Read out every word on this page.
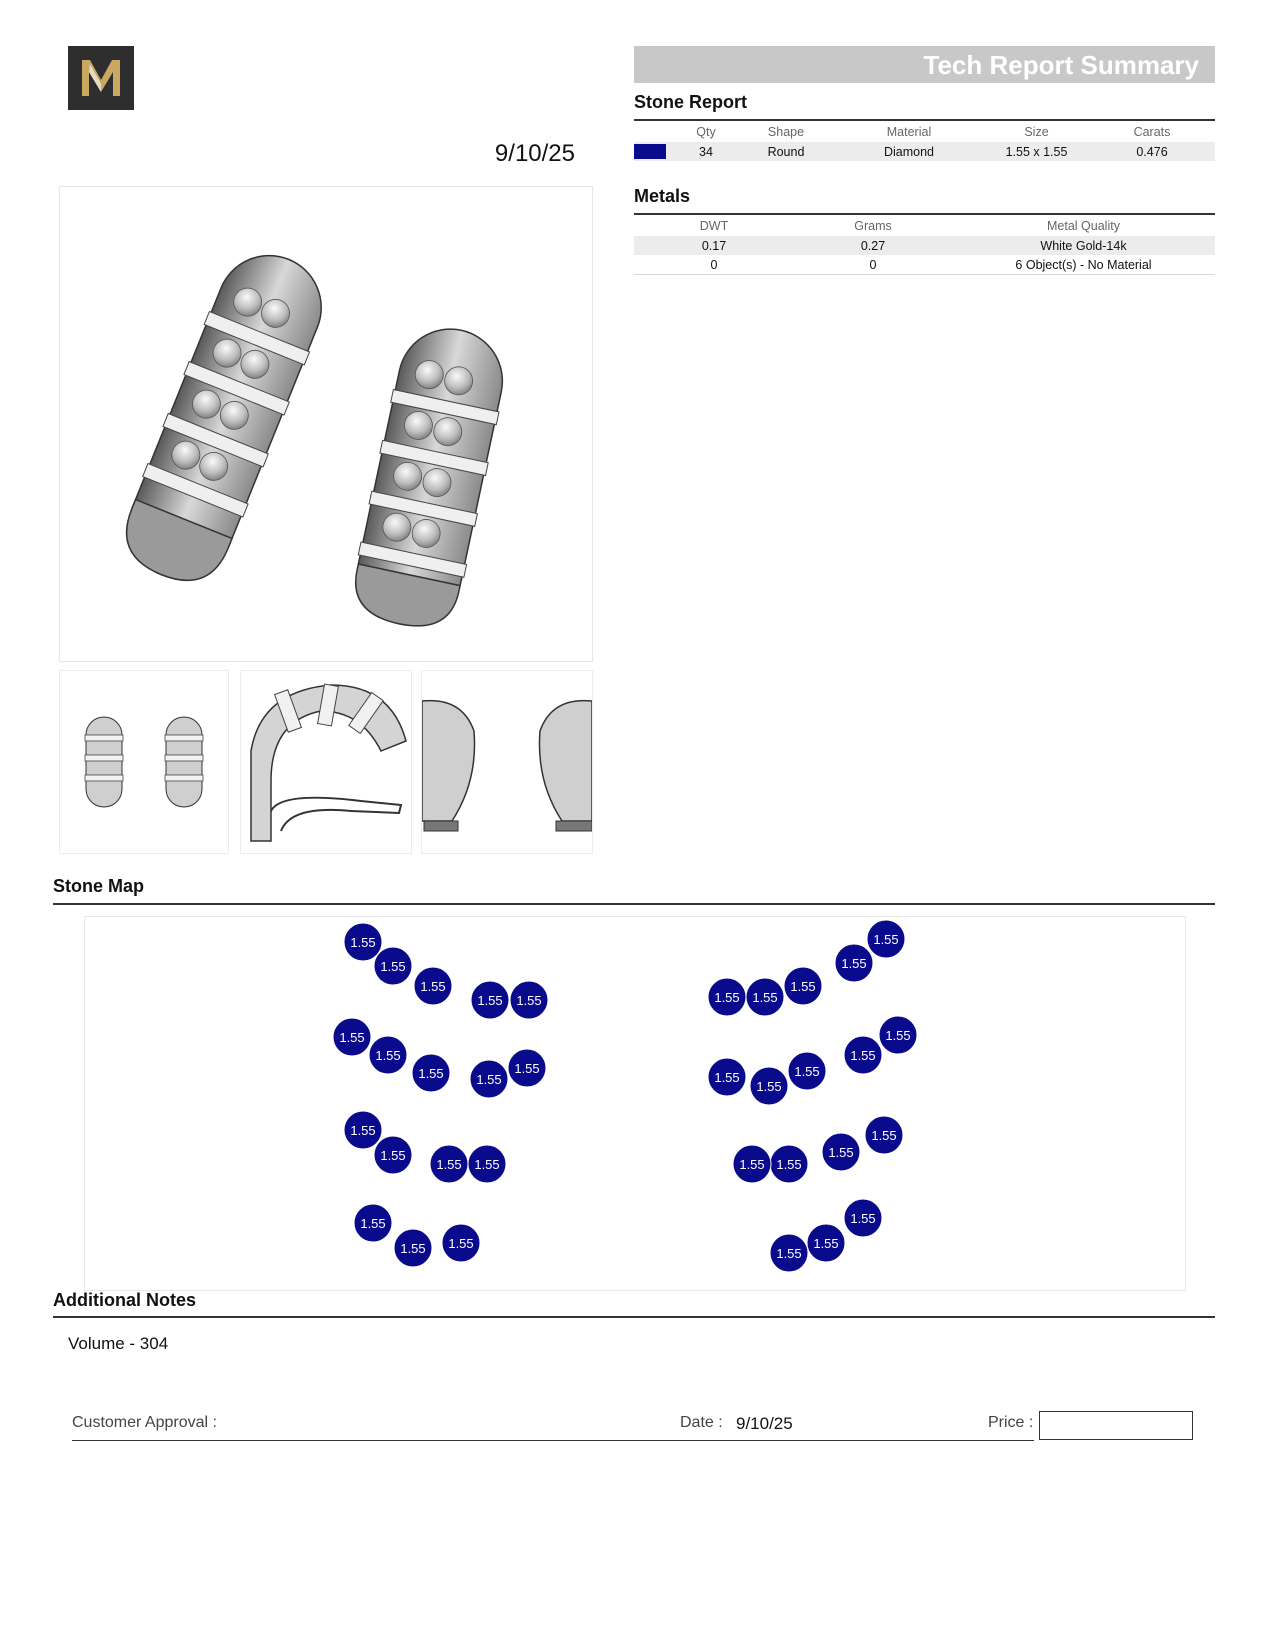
9/10/25
Tech Report Summary
Stone Report
	Qty	Shape	Material	Size	Carats

	34	Round	Diamond	1.55 x 1.55	0.476
Metals
DWT	Grams	Metal Quality
0.17	0.27	White Gold-14k
0	0	6 Object(s) - No Material
Stone Map
1.55
1.55
1.55
1.55 1.55
1.55
1.55
1.55	1.55
1.55
1.55
1.55
1.55 1.55
1.55
1.55 1.55
1.55
1.55
1.55
1.55
1.55
1.55
1.55
1.55
1.55
1.55
1.55
1.55
1.55
1.55
1.55
1.55
1.55
Additional Notes
Volume - 304
Customer Approval :	Date : 9/10/25	Price :
